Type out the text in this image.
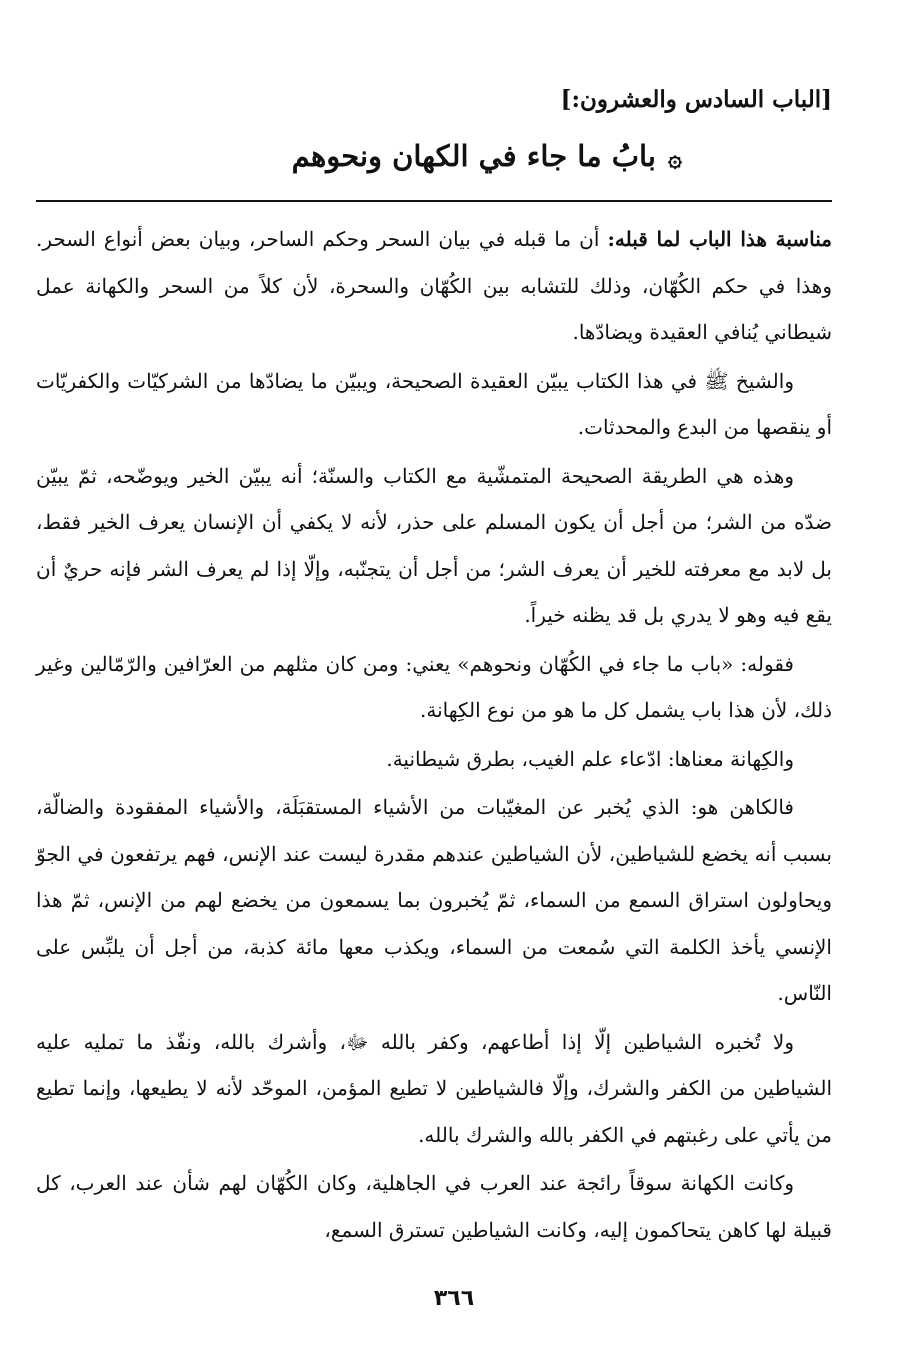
[الباب السادس والعشرون:]
۞بابُ ما جاء في الكهان ونحوهم

مناسبة هذا الباب لما قبله: أن ما قبله في بيان السحر وحكم الساحر، وبيان بعض أنواع السحر. وهذا في حكم الكُهّان، وذلك للتشابه بين الكُهّان والسحرة، لأن كلاً من السحر والكهانة عمل شيطاني يُنافي العقيدة ويضادّها.

والشيخ ﷺ في هذا الكتاب يبيّن العقيدة الصحيحة، ويبيّن ما يضادّها من الشركيّات والكفريّات أو ينقصها من البدع والمحدثات.

وهذه هي الطريقة الصحيحة المتمشّية مع الكتاب والسنّة؛ أنه يبيّن الخير ويوضّحه، ثمّ يبيّن ضدّه من الشر؛ من أجل أن يكون المسلم على حذر، لأنه لا يكفي أن الإنسان يعرف الخير فقط، بل لابد مع معرفته للخير أن يعرف الشر؛ من أجل أن يتجنّبه، وإلّا إذا لم يعرف الشر فإنه حريٌ أن يقع فيه وهو لا يدري بل قد يظنه خيراً.

فقوله: «باب ما جاء في الكُهّان ونحوهم» يعني: ومن كان مثلهم من العرّافين والرّمّالين وغير ذلك، لأن هذا باب يشمل كل ما هو من نوع الكِهانة.

والكِهانة معناها: ادّعاء علم الغيب، بطرق شيطانية.

فالكاهن هو: الذي يُخبر عن المغيّبات من الأشياء المستقبَلَة، والأشياء المفقودة والضالّة، بسبب أنه يخضع للشياطين، لأن الشياطين عندهم مقدرة ليست عند الإنس، فهم يرتفعون في الجوّ ويحاولون استراق السمع من السماء، ثمّ يُخبرون بما يسمعون من يخضع لهم من الإنس، ثمّ هذا الإنسي يأخذ الكلمة التي سُمعت من السماء، ويكذب معها مائة كذبة، من أجل أن يلبِّس على النّاس.

ولا تُخبره الشياطين إلّا إذا أطاعهم، وكفر بالله ﷻ، وأشرك بالله، ونفّذ ما تمليه عليه الشياطين من الكفر والشرك، وإلّا فالشياطين لا تطيع المؤمن، الموحّد لأنه لا يطيعها، وإنما تطيع من يأتي على رغبتهم في الكفر بالله والشرك بالله.

وكانت الكهانة سوقاً رائجة عند العرب في الجاهلية، وكان الكُهّان لهم شأن عند العرب، كل قبيلة لها كاهن يتحاكمون إليه، وكانت الشياطين تسترق السمع،

٣٦٦
